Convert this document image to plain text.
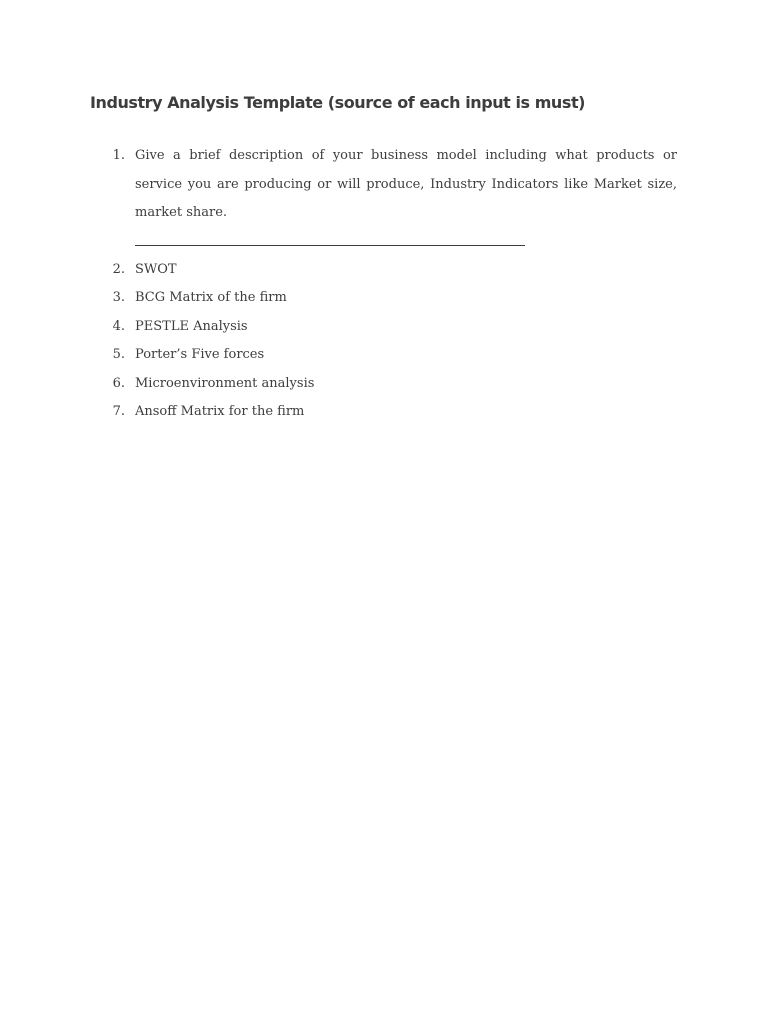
Industry Analysis Template (source of each input is must)
1. Give a brief description of your business model including what products or service you are producing or will produce, Industry Indicators like Market size, market share.
2. SWOT
3. BCG Matrix of the firm
4. PESTLE Analysis
5. Porter’s Five forces
6. Microenvironment analysis
7. Ansoff Matrix for the firm
